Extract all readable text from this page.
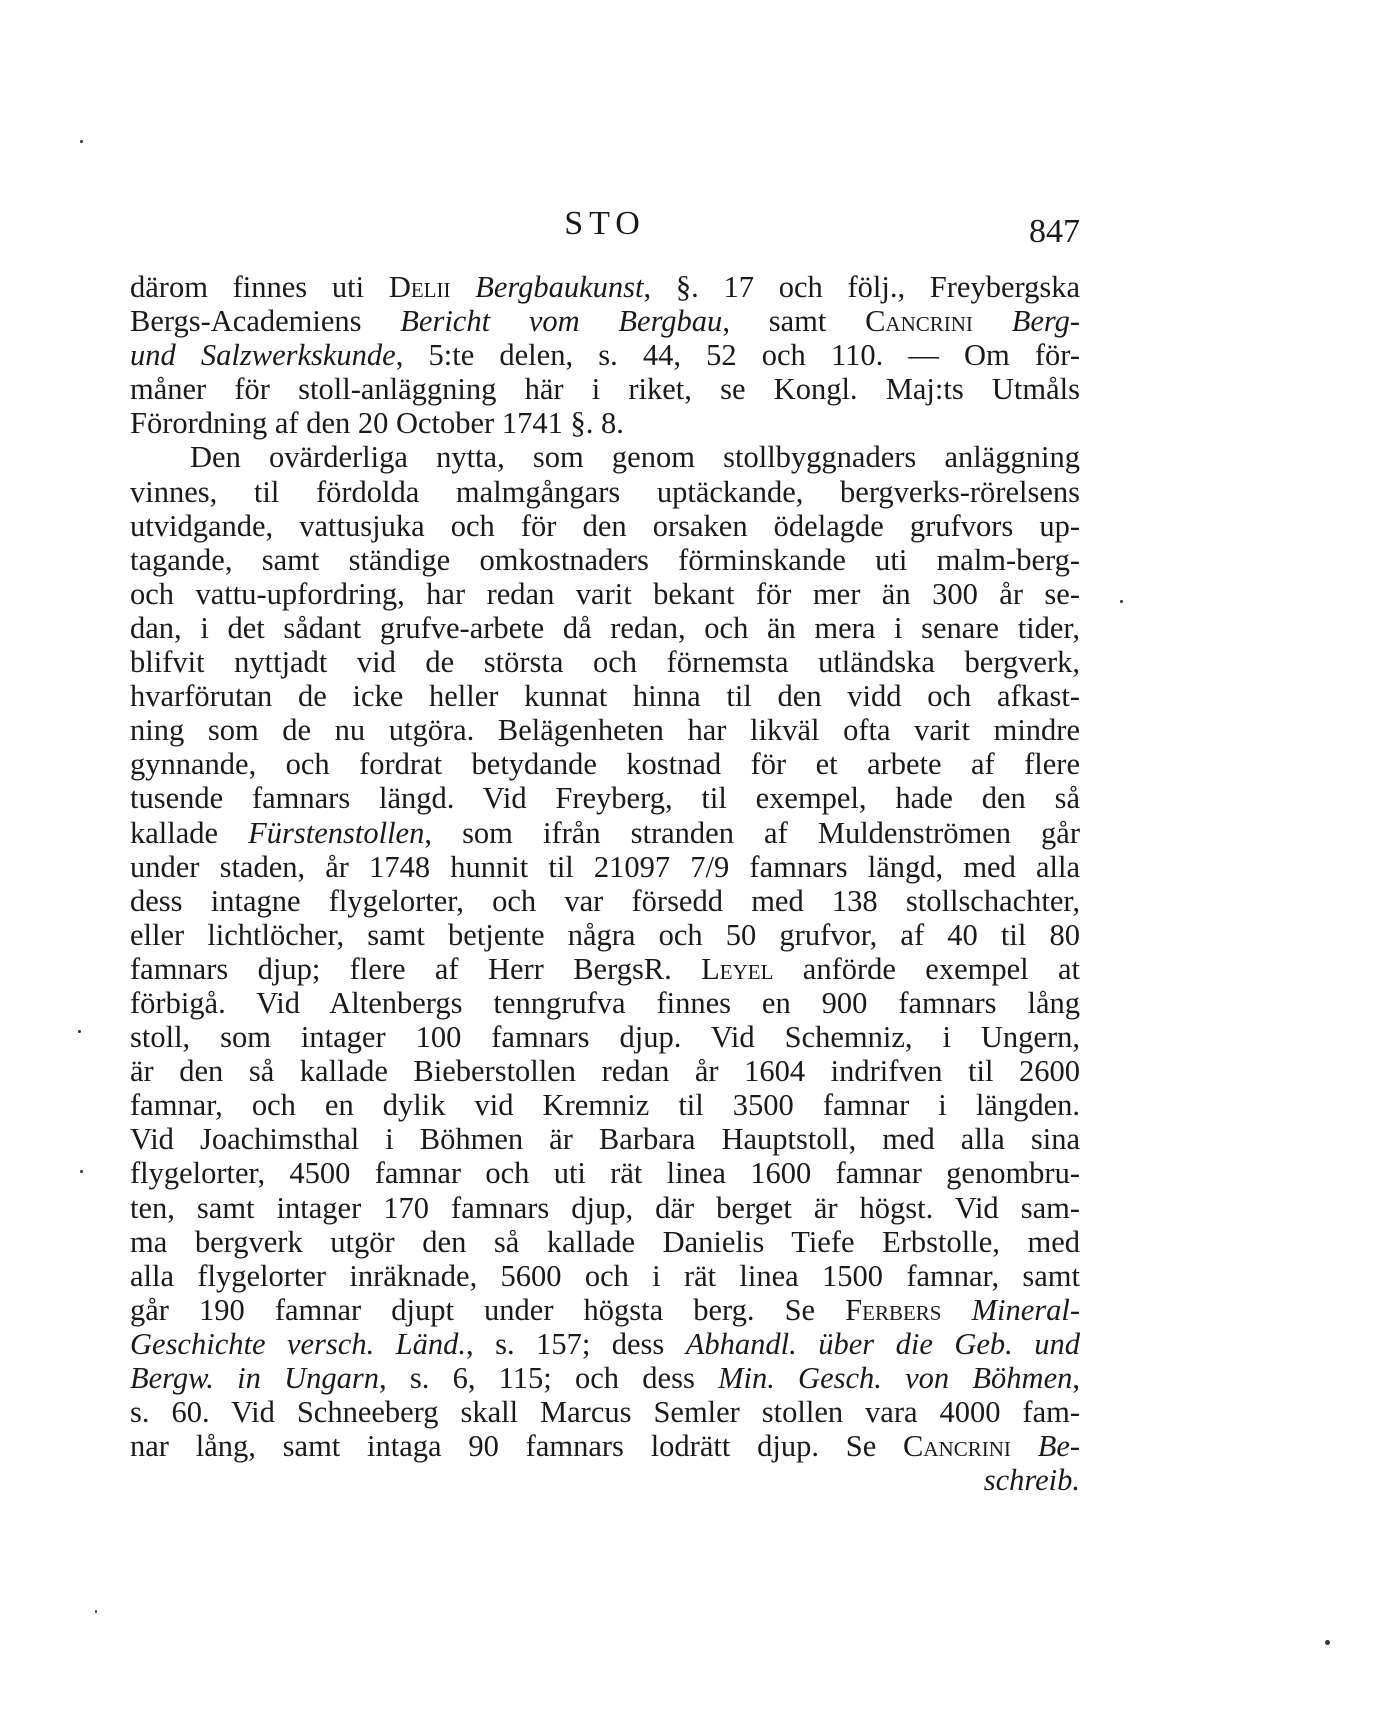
STO	847
därom finnes uti Delii Bergbaukunst, §. 17 och följ., Freybergska
Bergs-Academiens Bericht vom Bergbau, samt Cancrini Berg-
und Salzwerkskunde, 5:te delen, s. 44, 52 och 110. — Om för-
måner för stoll-anläggning här i riket, se Kongl. Maj:ts Utmåls
Förordning af den 20 October 1741 §. 8.
Den ovärderliga nytta, som genom stollbyggnaders anläggning
vinnes, til fördolda malmgångars uptäckande, bergverks-rörelsens
utvidgande, vattusjuka och för den orsaken ödelagde grufvors up-
tagande, samt ständige omkostnaders förminskande uti malm-berg-
och vattu-upfordring, har redan varit bekant för mer än 300 år se-
dan, i det sådant grufve-arbete då redan, och än mera i senare tider,
blifvit nyttjadt vid de största och förnemsta utländska bergverk,
hvarförutan de icke heller kunnat hinna til den vidd och afkast-
ning som de nu utgöra. Belägenheten har likväl ofta varit mindre
gynnande, och fordrat betydande kostnad för et arbete af flere
tusende famnars längd. Vid Freyberg, til exempel, hade den så
kallade Fürstenstollen, som ifrån stranden af Muldenströmen går
under staden, år 1748 hunnit til 21097 7/9 famnars längd, med alla
dess intagne flygelorter, och var försedd med 138 stollschachter,
eller lichtlöcher, samt betjente några och 50 grufvor, af 40 til 80
famnars djup; flere af Herr BergsR. Leyel anförde exempel at
förbigå. Vid Altenbergs tenngrufva finnes en 900 famnars lång
stoll, som intager 100 famnars djup. Vid Schemniz, i Ungern,
är den så kallade Bieberstollen redan år 1604 indrifven til 2600
famnar, och en dylik vid Kremniz til 3500 famnar i längden.
Vid Joachimsthal i Böhmen är Barbara Hauptstoll, med alla sina
flygelorter, 4500 famnar och uti rät linea 1600 famnar genombru-
ten, samt intager 170 famnars djup, där berget är högst. Vid sam-
ma bergverk utgör den så kallade Danielis Tiefe Erbstolle, med
alla flygelorter inräknade, 5600 och i rät linea 1500 famnar, samt
går 190 famnar djupt under högsta berg. Se Ferbers Mineral-
Geschichte versch. Länd., s. 157; dess Abhandl. über die Geb. und
Bergw. in Ungarn, s. 6, 115; och dess Min. Gesch. von Böhmen,
s. 60. Vid Schneeberg skall Marcus Semler stollen vara 4000 fam-
nar lång, samt intaga 90 famnars lodrätt djup. Se Cancrini Be-
schreib.
